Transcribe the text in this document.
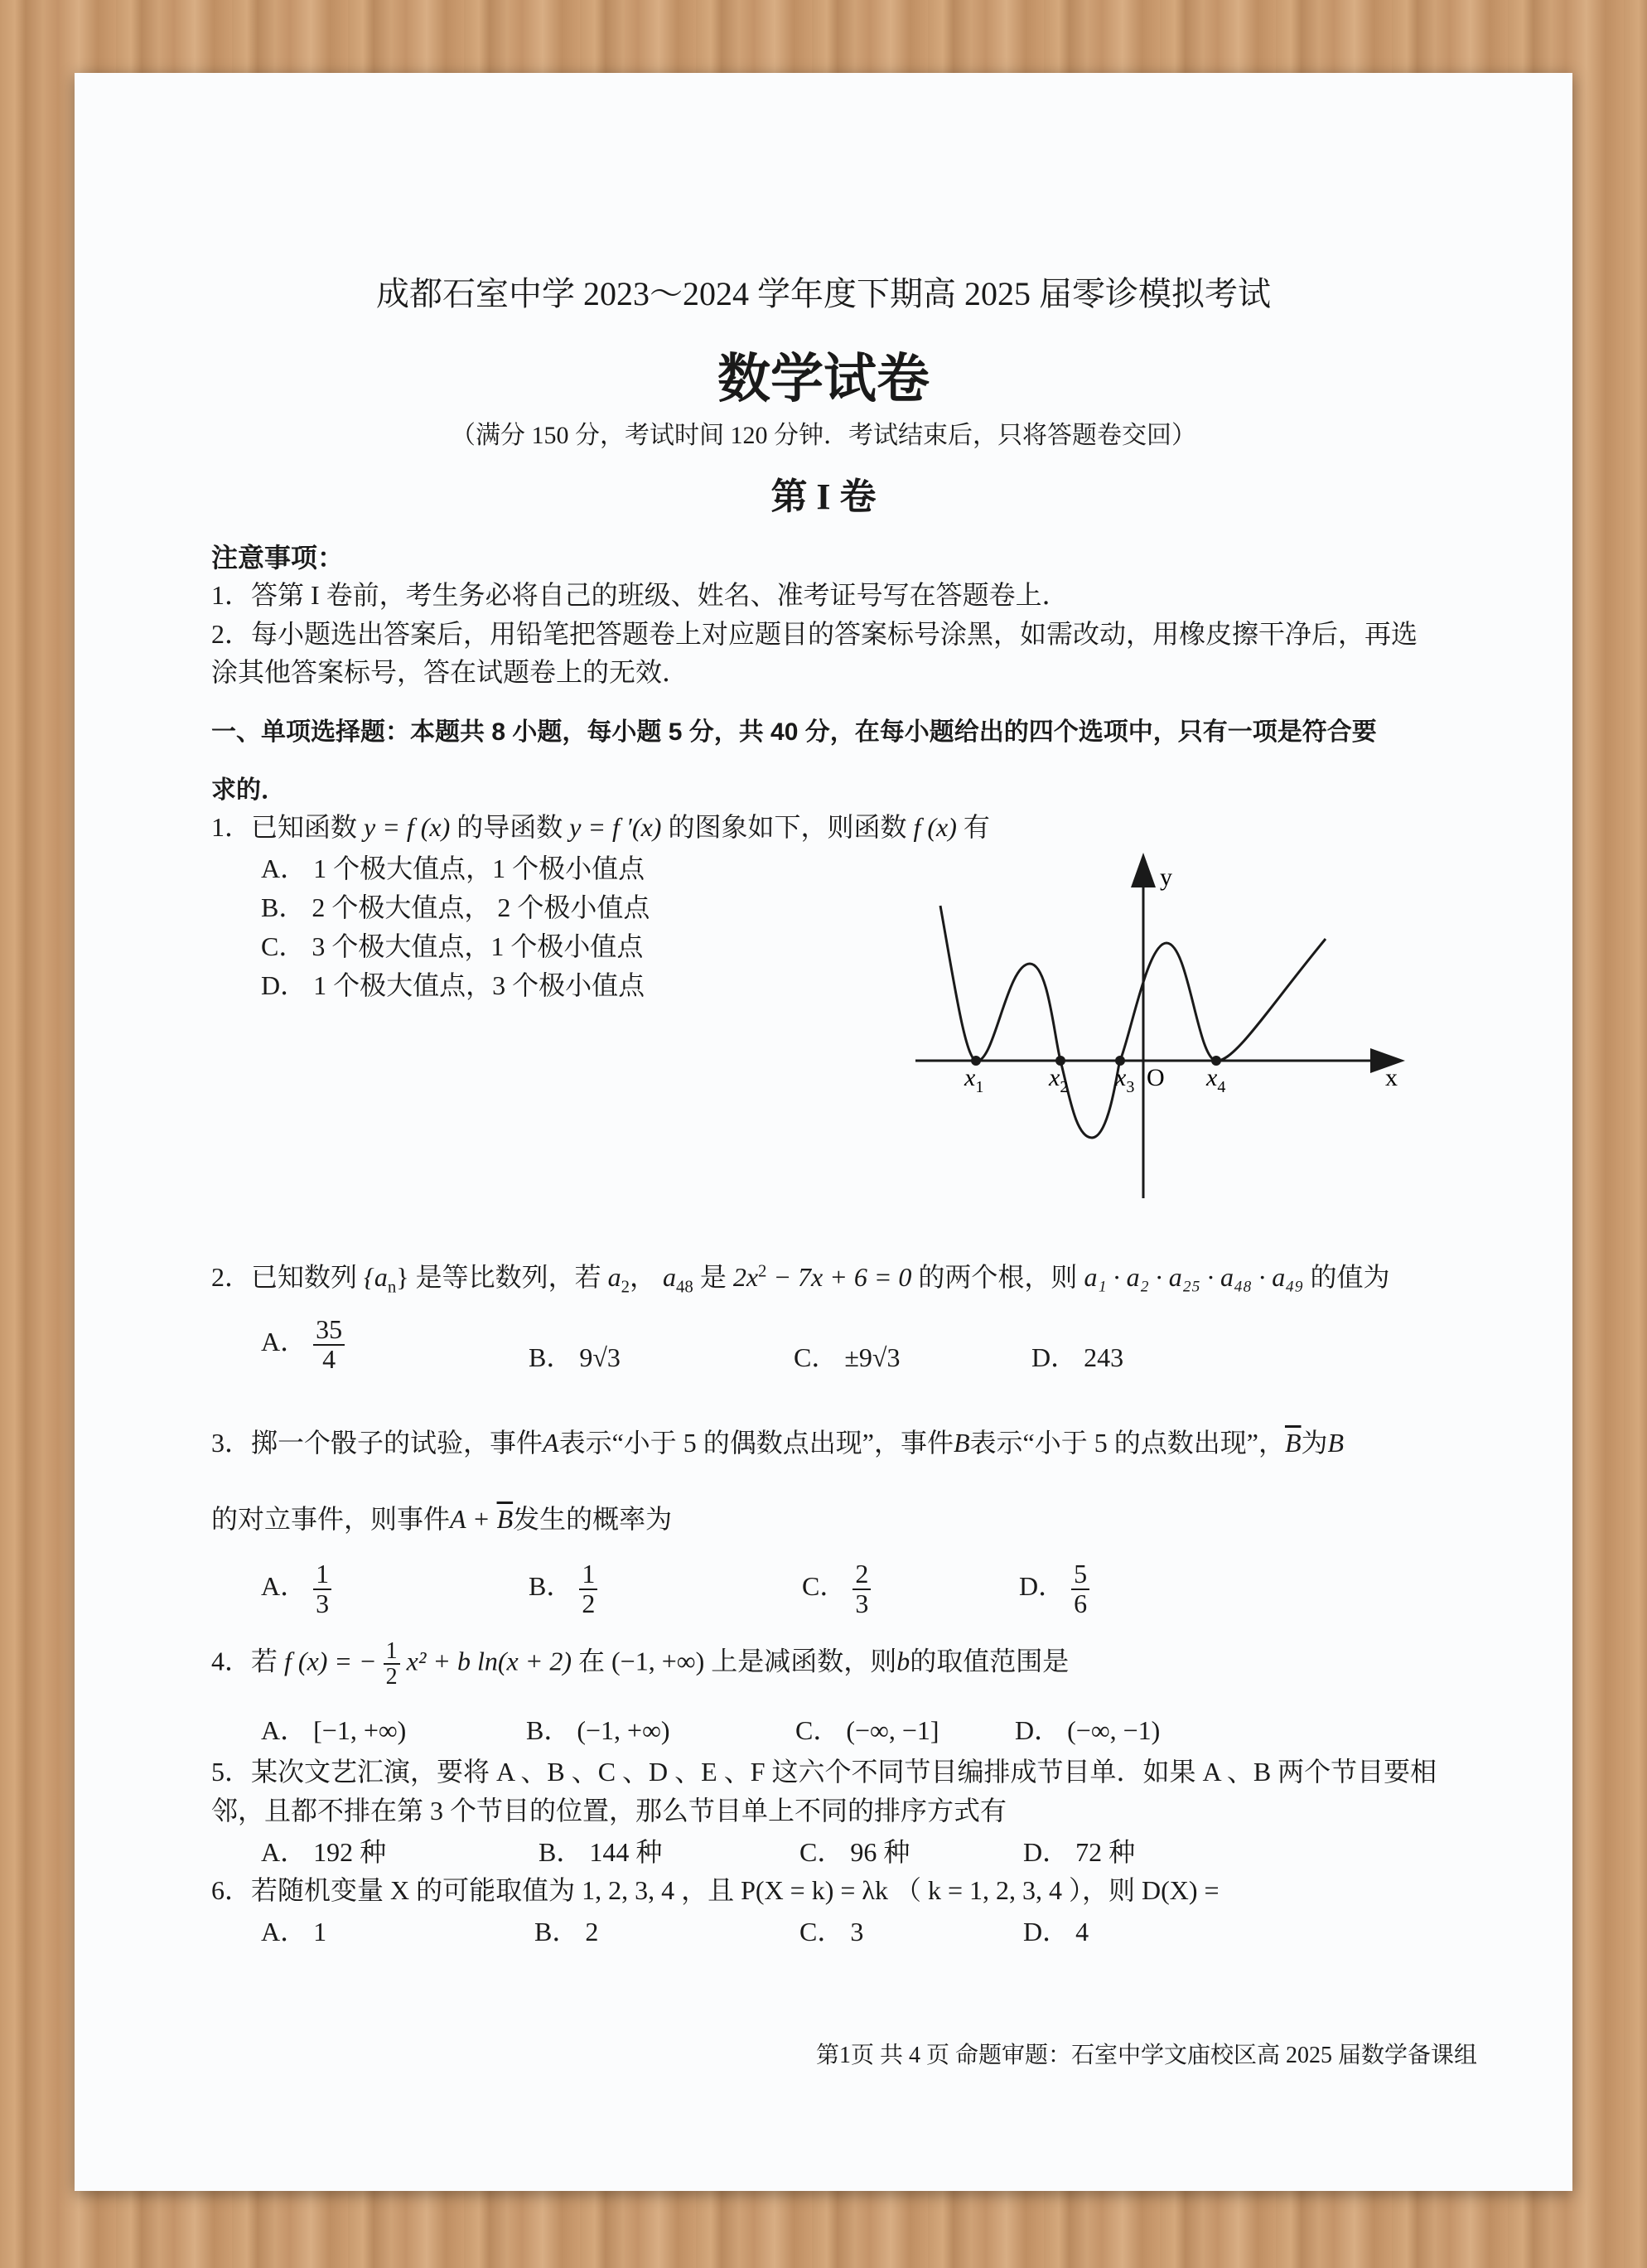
成都石室中学 2023～2024 学年度下期高 2025 届零诊模拟考试
数学试卷
（满分 150 分，考试时间 120 分钟．考试结束后，只将答题卷交回）
第 I 卷
注意事项：
1．答第 I 卷前，考生务必将自己的班级、姓名、准考证号写在答题卷上．
2．每小题选出答案后，用铅笔把答题卷上对应题目的答案标号涂黑，如需改动，用橡皮擦干净后，再选
涂其他答案标号，答在试题卷上的无效．
一、单项选择题：本题共 8 小题，每小题 5 分，共 40 分，在每小题给出的四个选项中，只有一项是符合要
求的．
1．已知函数 y = f (x) 的导函数 y = f ′(x) 的图象如下，则函数 f (x) 有
A． 1 个极大值点，1 个极小值点
B． 2 个极大值点， 2 个极小值点
C． 3 个极大值点，1 个极小值点
D． 1 个极大值点，3 个极小值点
y
x
O
$x_1$	$x_2$ $x_3$	$x_4$
2．已知数列 $\{a_n\}$ 是等比数列，若 $a_2$， $a_{48}$ 是 $2x^2 - 7x + 6 = 0$ 的两个根，则 a₁ · a₂ · a₂₅ · a₄₈ · a₄₉ 的值为
A． $\frac{35}{4}$	B． 9√3	C． ±9√3	D． 243
3．掷一个骰子的试验，事件A表示“小于 5 的偶数点出现”，事件B表示“小于 5 的点数出现”，$\overline{B}$为B
的对立事件，则事件$A + \overline{B}$发生的概率为
A． $\frac{1}{3}$	B． $\frac{1}{2}$	C． $\frac{2}{3}$	D． $\frac{5}{6}$
4．若 f (x) = − $\frac{1}{2} x^2 + b$ ln(x + 2) 在 (−1, +∞) 上是减函数，则b的取值范围是
A． [−1, +∞)	B． (−1, +∞)	C． (−∞, −1]	D． (−∞, −1)
5．某次文艺汇演，要将 A 、B 、C 、D 、E 、F 这六个不同节目编排成节目单．如果 A 、B 两个节目要相
邻，且都不排在第 3 个节目的位置，那么节目单上不同的排序方式有
A． 192 种	B． 144 种	C． 96 种	D． 72 种
6．若随机变量 X 的可能取值为 1, 2, 3, 4 ，且 P(X = k) = λk （ k = 1, 2, 3, 4 ），则 D(X) =
A． 1	B． 2	C． 3	D． 4
第1页 共 4 页 命题审题：石室中学文庙校区高 2025 届数学备课组
